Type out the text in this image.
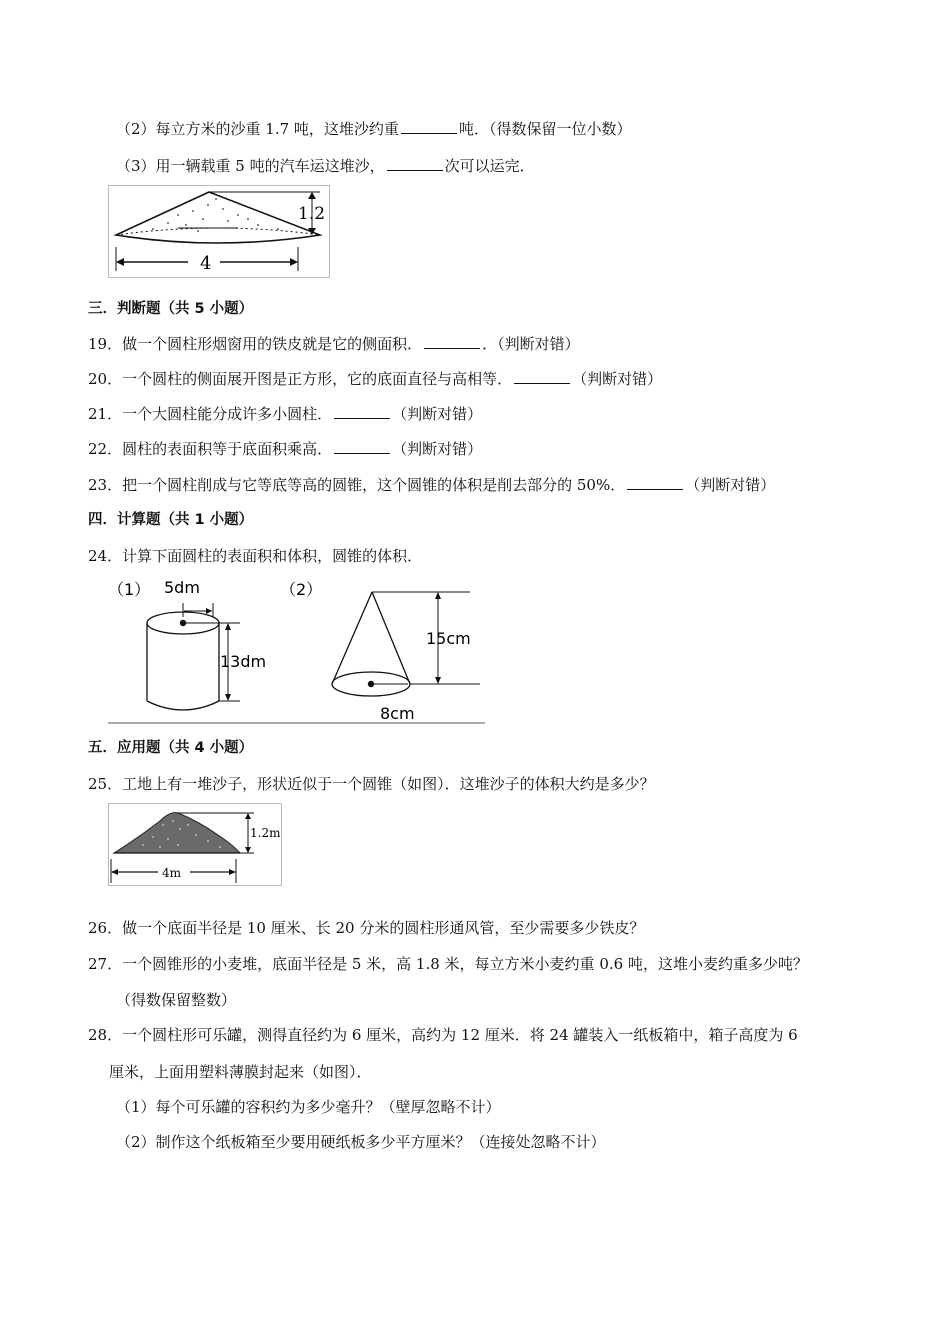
（2）每立方米的沙重 1.7 吨，这堆沙约重	吨．（得数保留一位小数）
（3）用一辆载重 5 吨的汽车运这堆沙，	次可以运完．
1.2
4
三．判断题（共 5 小题）
19．做一个圆柱形烟窗用的铁皮就是它的侧面积．	．（判断对错）
20．一个圆柱的侧面展开图是正方形，它的底面直径与高相等．	（判断对错）
21．一个大圆柱能分成许多小圆柱．	（判断对错）
22．圆柱的表面积等于底面积乘高．	（判断对错）
23．把一个圆柱削成与它等底等高的圆锥，这个圆锥的体积是削去部分的 50%．	（判断对错）
四．计算题（共 1 小题）
24．计算下面圆柱的表面积和体积，圆锥的体积．
（1） 5dm
13dm
（2）
15cm
8cm
五．应用题（共 4 小题）
25．工地上有一堆沙子，形状近似于一个圆锥（如图）．这堆沙子的体积大约是多少？
1.2m
4m
26．做一个底面半径是 10 厘米、长 20 分米的圆柱形通风管，至少需要多少铁皮？
27．一个圆锥形的小麦堆，底面半径是 5 米，高 1.8 米，每立方米小麦约重 0.6 吨，这堆小麦约重多少吨？
（得数保留整数）
28．一个圆柱形可乐罐，测得直径约为 6 厘米，高约为 12 厘米．将 24 罐装入一纸板箱中，箱子高度为 6
厘米，上面用塑料薄膜封起来（如图）．
（1）每个可乐罐的容积约为多少毫升？（壁厚忽略不计）
（2）制作这个纸板箱至少要用硬纸板多少平方厘米？（连接处忽略不计）
